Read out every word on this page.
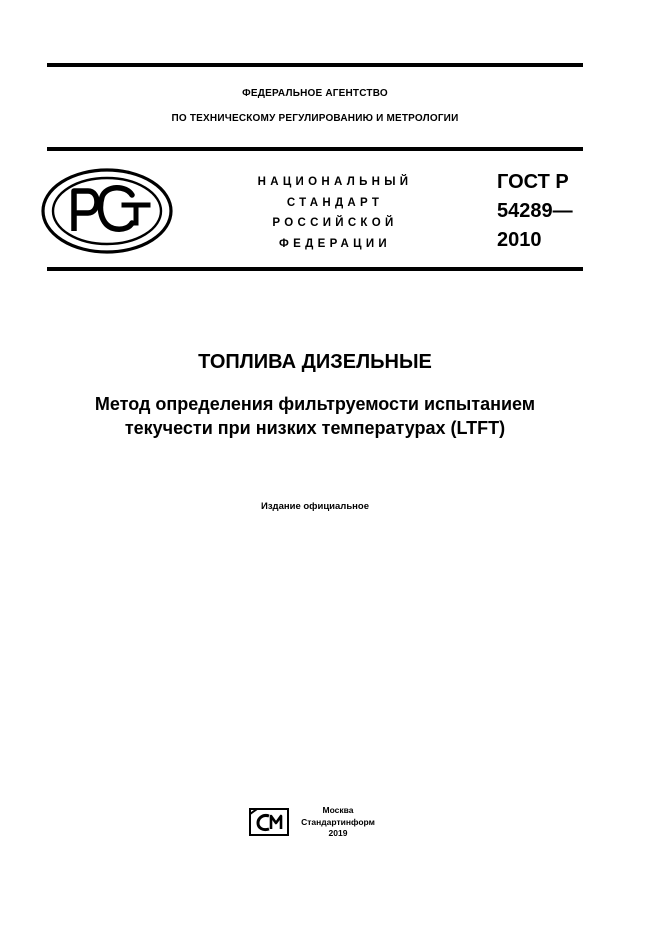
ФЕДЕРАЛЬНОЕ АГЕНТСТВО
ПО ТЕХНИЧЕСКОМУ РЕГУЛИРОВАНИЮ И МЕТРОЛОГИИ
НАЦИОНАЛЬНЫЙ
СТАНДАРТ
РОССИЙСКОЙ
ФЕДЕРАЦИИ
ГОСТ Р
54289—
2010
ТОПЛИВА ДИЗЕЛЬНЫЕ
Метод определения фильтруемости испытанием
текучести при низких температурах (LTFT)
Издание официальное
Москва
Стандартинформ
2019
